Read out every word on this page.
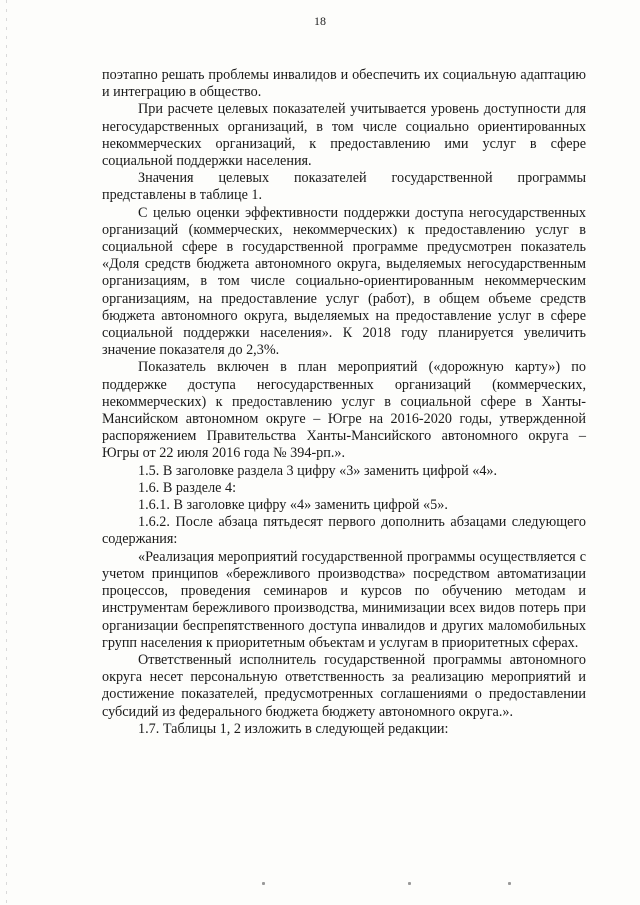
18

поэтапно решать проблемы инвалидов и обеспечить их социальную адаптацию и интеграцию в общество.

При расчете целевых показателей учитывается уровень доступности для негосударственных организаций, в том числе социально ориентированных некоммерческих организаций, к предоставлению ими услуг в сфере социальной поддержки населения.

Значения целевых показателей государственной программы представлены в таблице 1.

С целью оценки эффективности поддержки доступа негосударственных организаций (коммерческих, некоммерческих) к предоставлению услуг в социальной сфере в государственной программе предусмотрен показатель «Доля средств бюджета автономного округа, выделяемых негосударственным организациям, в том числе социально-ориентированным некоммерческим организациям, на предоставление услуг (работ), в общем объеме средств бюджета автономного округа, выделяемых на предоставление услуг в сфере социальной поддержки населения». К 2018 году планируется увеличить значение показателя до 2,3%.

Показатель включен в план мероприятий («дорожную карту») по поддержке доступа негосударственных организаций (коммерческих, некоммерческих) к предоставлению услуг в социальной сфере в Ханты-Мансийском автономном округе – Югре на 2016-2020 годы, утвержденной распоряжением Правительства Ханты-Мансийского автономного округа – Югры от 22 июля 2016 года № 394-рп.».

1.5. В заголовке раздела 3 цифру «3» заменить цифрой «4».

1.6. В разделе 4:

1.6.1. В заголовке цифру «4» заменить цифрой «5».

1.6.2. После абзаца пятьдесят первого дополнить абзацами следующего содержания:

«Реализация мероприятий государственной программы осуществляется с учетом принципов «бережливого производства» посредством автоматизации процессов, проведения семинаров и курсов по обучению методам и инструментам бережливого производства, минимизации всех видов потерь при организации беспрепятственного доступа инвалидов и других маломобильных групп населения к приоритетным объектам и услугам в приоритетных сферах.

Ответственный исполнитель государственной программы автономного округа несет персональную ответственность за реализацию мероприятий и достижение показателей, предусмотренных соглашениями о предоставлении субсидий из федерального бюджета бюджету автономного округа.».

1.7. Таблицы 1, 2 изложить в следующей редакции:
